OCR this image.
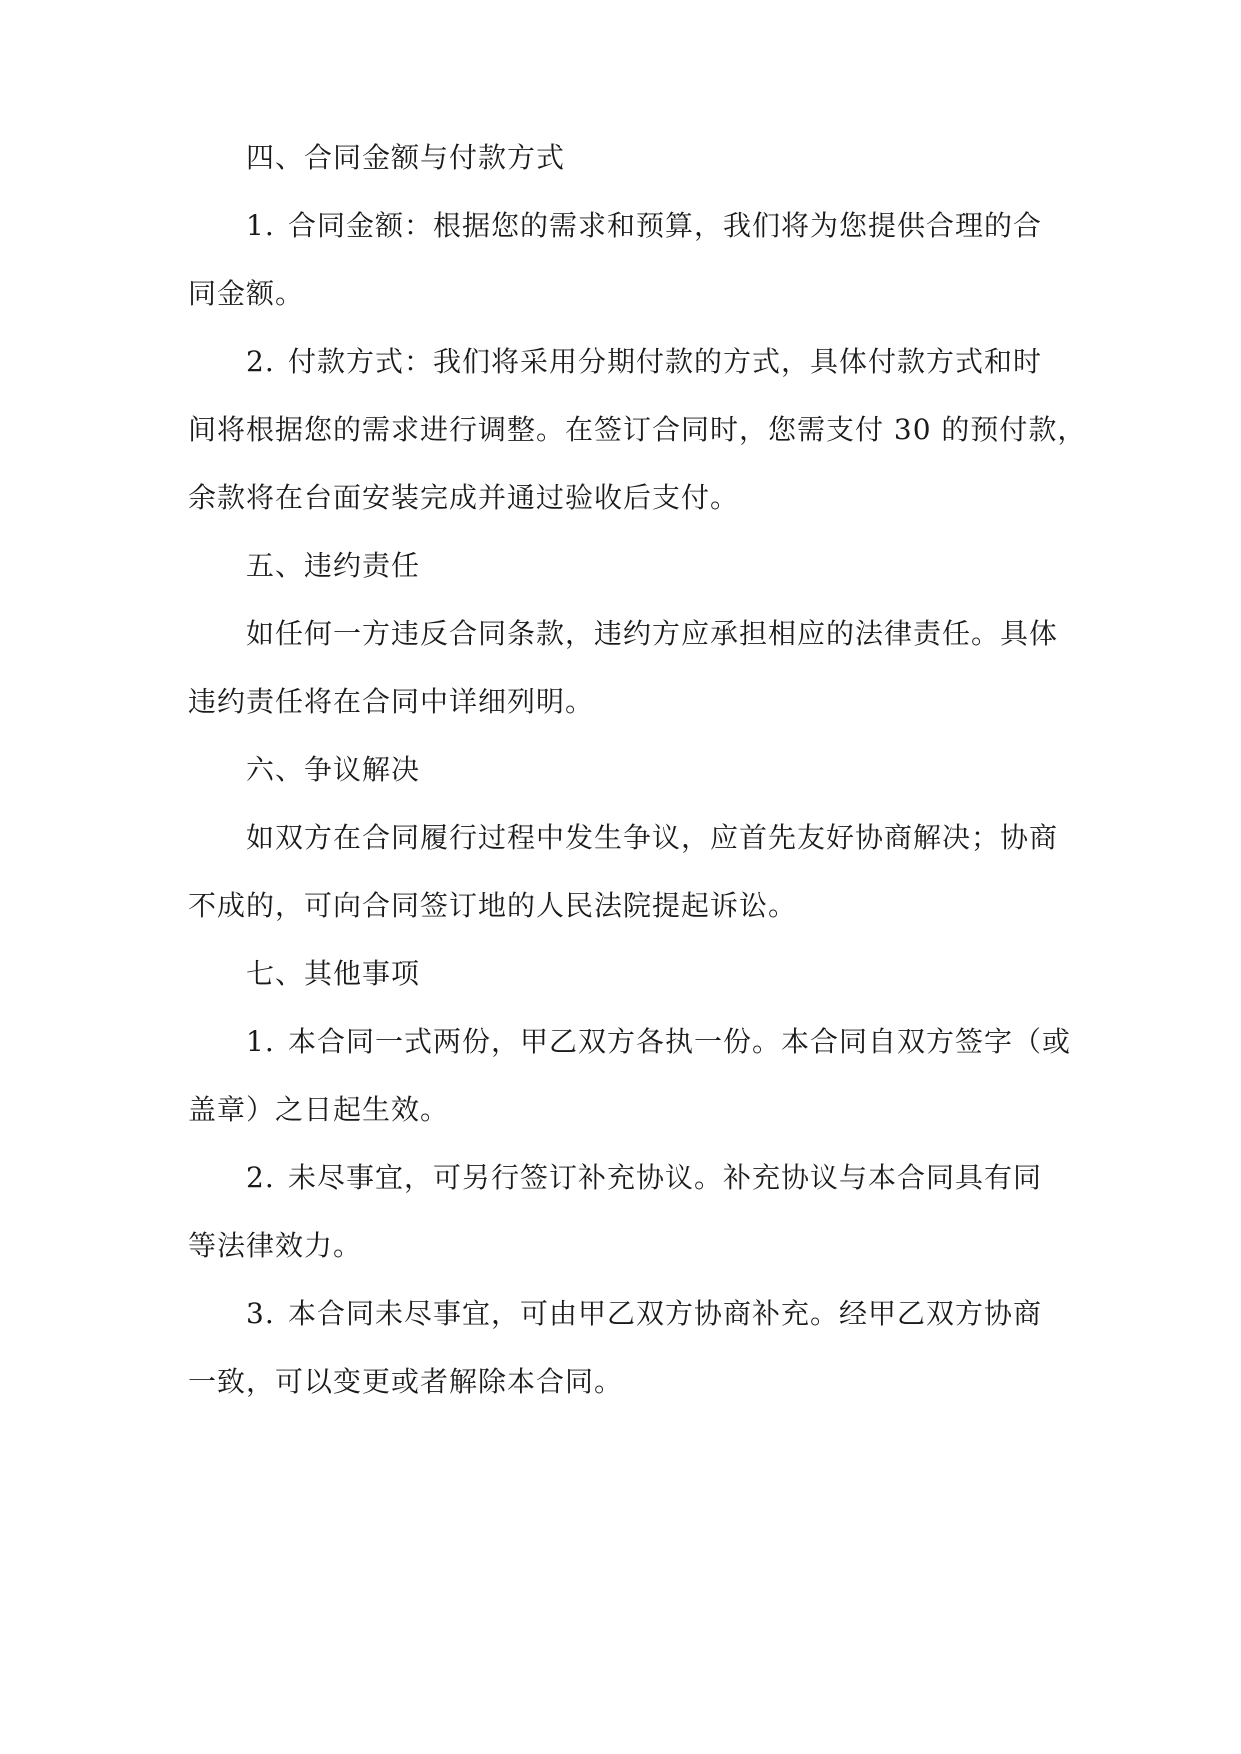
四、合同金额与付款方式
1. 合同金额：根据您的需求和预算，我们将为您提供合理的合
同金额。
2. 付款方式：我们将采用分期付款的方式，具体付款方式和时
间将根据您的需求进行调整。在签订合同时，您需支付 30 的预付款，
余款将在台面安装完成并通过验收后支付。
五、违约责任
如任何一方违反合同条款，违约方应承担相应的法律责任。具体
违约责任将在合同中详细列明。
六、争议解决
如双方在合同履行过程中发生争议，应首先友好协商解决；协商
不成的，可向合同签订地的人民法院提起诉讼。
七、其他事项
1. 本合同一式两份，甲乙双方各执一份。本合同自双方签字（或
盖章）之日起生效。
2. 未尽事宜，可另行签订补充协议。补充协议与本合同具有同
等法律效力。
3. 本合同未尽事宜，可由甲乙双方协商补充。经甲乙双方协商
一致，可以变更或者解除本合同。
